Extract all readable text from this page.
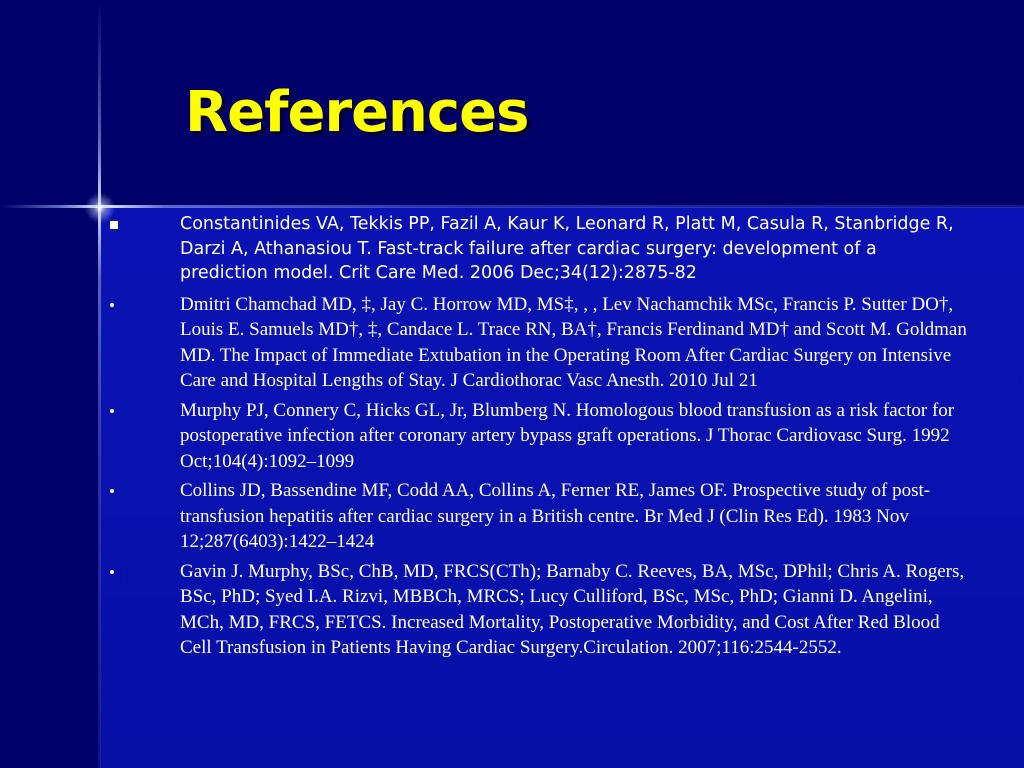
References
Constantinides VA, Tekkis PP, Fazil A, Kaur K, Leonard R, Platt M, Casula R, Stanbridge R, Darzi A, Athanasiou T. Fast-track failure after cardiac surgery: development of a prediction model. Crit Care Med. 2006 Dec;34(12):2875-82
Dmitri Chamchad MD, ‡, Jay C. Horrow MD, MS‡, , , Lev Nachamchik MSc, Francis P. Sutter DO†, Louis E. Samuels MD†, ‡, Candace L. Trace RN, BA†, Francis Ferdinand MD† and Scott M. Goldman MD. The Impact of Immediate Extubation in the Operating Room After Cardiac Surgery on Intensive Care and Hospital Lengths of Stay. J Cardiothorac Vasc Anesth. 2010 Jul 21
Murphy PJ, Connery C, Hicks GL, Jr, Blumberg N. Homologous blood transfusion as a risk factor for postoperative infection after coronary artery bypass graft operations. J Thorac Cardiovasc Surg. 1992 Oct;104(4):1092–1099
Collins JD, Bassendine MF, Codd AA, Collins A, Ferner RE, James OF. Prospective study of post-transfusion hepatitis after cardiac surgery in a British centre. Br Med J (Clin Res Ed). 1983 Nov 12;287(6403):1422–1424
Gavin J. Murphy, BSc, ChB, MD, FRCS(CTh); Barnaby C. Reeves, BA, MSc, DPhil; Chris A. Rogers, BSc, PhD; Syed I.A. Rizvi, MBBCh, MRCS; Lucy Culliford, BSc, MSc, PhD; Gianni D. Angelini, MCh, MD, FRCS, FETCS. Increased Mortality, Postoperative Morbidity, and Cost After Red Blood Cell Transfusion in Patients Having Cardiac Surgery.Circulation. 2007;116:2544-2552.
